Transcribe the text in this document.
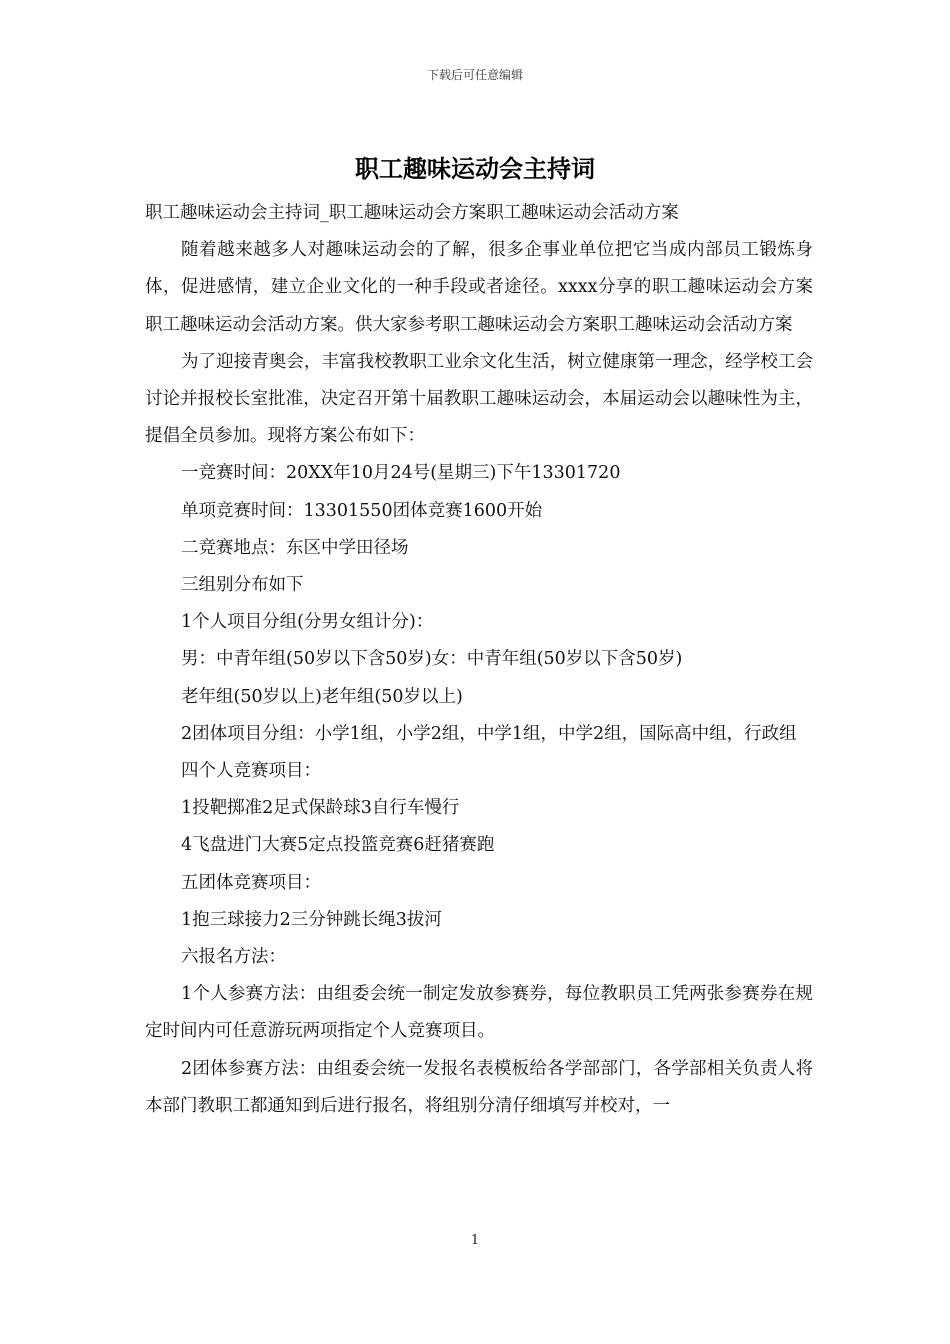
下载后可任意编辑
职工趣味运动会主持词

职工趣味运动会主持词_职工趣味运动会方案职工趣味运动会活动方案

随着越来越多人对趣味运动会的了解，很多企事业单位把它当成内部员工锻炼身体，促进感情，建立企业文化的一种手段或者途径。xxxx分享的职工趣味运动会方案职工趣味运动会活动方案。供大家参考职工趣味运动会方案职工趣味运动会活动方案

为了迎接青奥会，丰富我校教职工业余文化生活，树立健康第一理念，经学校工会讨论并报校长室批准，决定召开第十届教职工趣味运动会，本届运动会以趣味性为主，提倡全员参加。现将方案公布如下：

一竞赛时间：20XX年10月24号(星期三)下午13301720

单项竞赛时间：13301550团体竞赛1600开始

二竞赛地点：东区中学田径场

三组别分布如下

1个人项目分组(分男女组计分)：

男：中青年组(50岁以下含50岁)女：中青年组(50岁以下含50岁)

老年组(50岁以上)老年组(50岁以上)

2团体项目分组：小学1组，小学2组，中学1组，中学2组，国际高中组，行政组

四个人竞赛项目：

1投靶掷准2足式保龄球3自行车慢行

4飞盘进门大赛5定点投篮竞赛6赶猪赛跑

五团体竞赛项目：

1抱三球接力2三分钟跳长绳3拔河

六报名方法：

1个人参赛方法：由组委会统一制定发放参赛券，每位教职员工凭两张参赛券在规定时间内可任意游玩两项指定个人竞赛项目。

2团体参赛方法：由组委会统一发报名表模板给各学部部门，各学部相关负责人将本部门教职工都通知到后进行报名，将组别分清仔细填写并校对，一

1
